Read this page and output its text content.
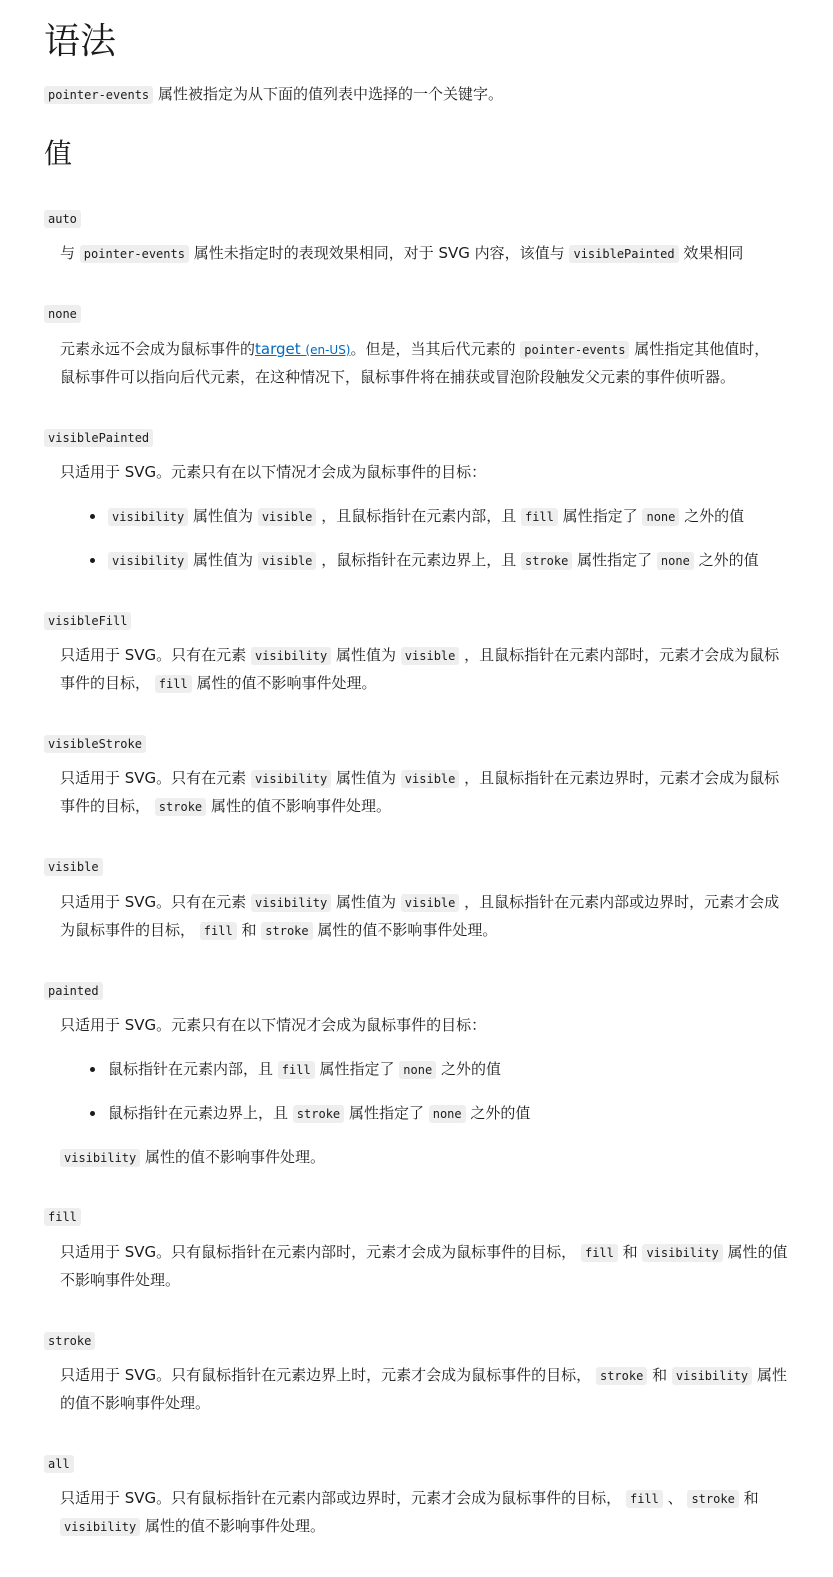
语法
pointer-events 属性被指定为从下面的值列表中选择的一个关键字。
值
auto
与 pointer-events 属性未指定时的表现效果相同，对于 SVG 内容，该值与 visiblePainted 效果相同
none
元素永远不会成为鼠标事件的target (en-US)。但是，当其后代元素的 pointer-events 属性指定其他值时，
鼠标事件可以指向后代元素，在这种情况下，鼠标事件将在捕获或冒泡阶段触发父元素的事件侦听器。
visiblePainted
只适用于 SVG。元素只有在以下情况才会成为鼠标事件的目标：
visibility 属性值为 visible ，且鼠标指针在元素内部，且 fill 属性指定了 none 之外的值
visibility 属性值为 visible ，鼠标指针在元素边界上，且 stroke 属性指定了 none 之外的值
visibleFill
只适用于 SVG。只有在元素 visibility 属性值为 visible ，且鼠标指针在元素内部时，元素才会成为鼠标
事件的目标， fill 属性的值不影响事件处理。
visibleStroke
只适用于 SVG。只有在元素 visibility 属性值为 visible ，且鼠标指针在元素边界时，元素才会成为鼠标
事件的目标， stroke 属性的值不影响事件处理。
visible
只适用于 SVG。只有在元素 visibility 属性值为 visible ，且鼠标指针在元素内部或边界时，元素才会成
为鼠标事件的目标， fill 和 stroke 属性的值不影响事件处理。
painted
只适用于 SVG。元素只有在以下情况才会成为鼠标事件的目标：
鼠标指针在元素内部，且 fill 属性指定了 none 之外的值
鼠标指针在元素边界上，且 stroke 属性指定了 none 之外的值
visibility 属性的值不影响事件处理。
fill
只适用于 SVG。只有鼠标指针在元素内部时，元素才会成为鼠标事件的目标， fill 和 visibility 属性的值
不影响事件处理。
stroke
只适用于 SVG。只有鼠标指针在元素边界上时，元素才会成为鼠标事件的目标， stroke 和 visibility 属性
的值不影响事件处理。
all
只适用于 SVG。只有鼠标指针在元素内部或边界时，元素才会成为鼠标事件的目标， fill 、 stroke 和
visibility 属性的值不影响事件处理。
